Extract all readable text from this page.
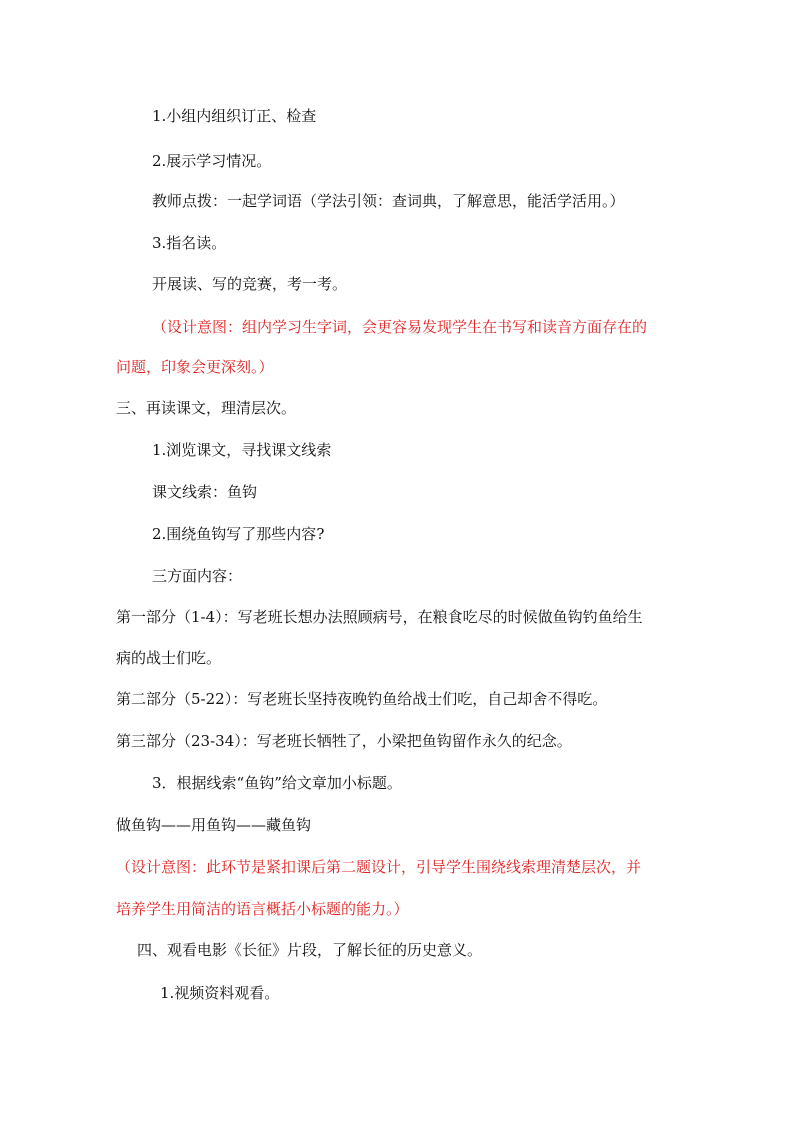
1.小组内组织订正、检查
2.展示学习情况。
教师点拨：一起学词语（学法引领：查词典，了解意思，能活学活用。）
3.指名读。
开展读、写的竞赛，考一考。
（设计意图：组内学习生字词，会更容易发现学生在书写和读音方面存在的
问题，印象会更深刻。）
三、再读课文，理清层次。
1.浏览课文，寻找课文线索
课文线索：鱼钩
2.围绕鱼钩写了那些内容?
三方面内容：
第一部分（1-4）：写老班长想办法照顾病号，在粮食吃尽的时候做鱼钩钓鱼给生
病的战士们吃。
第二部分（5-22）：写老班长坚持夜晚钓鱼给战士们吃，自己却舍不得吃。
第三部分（23-34）：写老班长牺牲了，小梁把鱼钩留作永久的纪念。
3．根据线索“鱼钩”给文章加小标题。
做鱼钩——用鱼钩——藏鱼钩
（设计意图：此环节是紧扣课后第二题设计，引导学生围绕线索理清楚层次，并
培养学生用简洁的语言概括小标题的能力。）
四、观看电影《长征》片段，了解长征的历史意义。
1.视频资料观看。
